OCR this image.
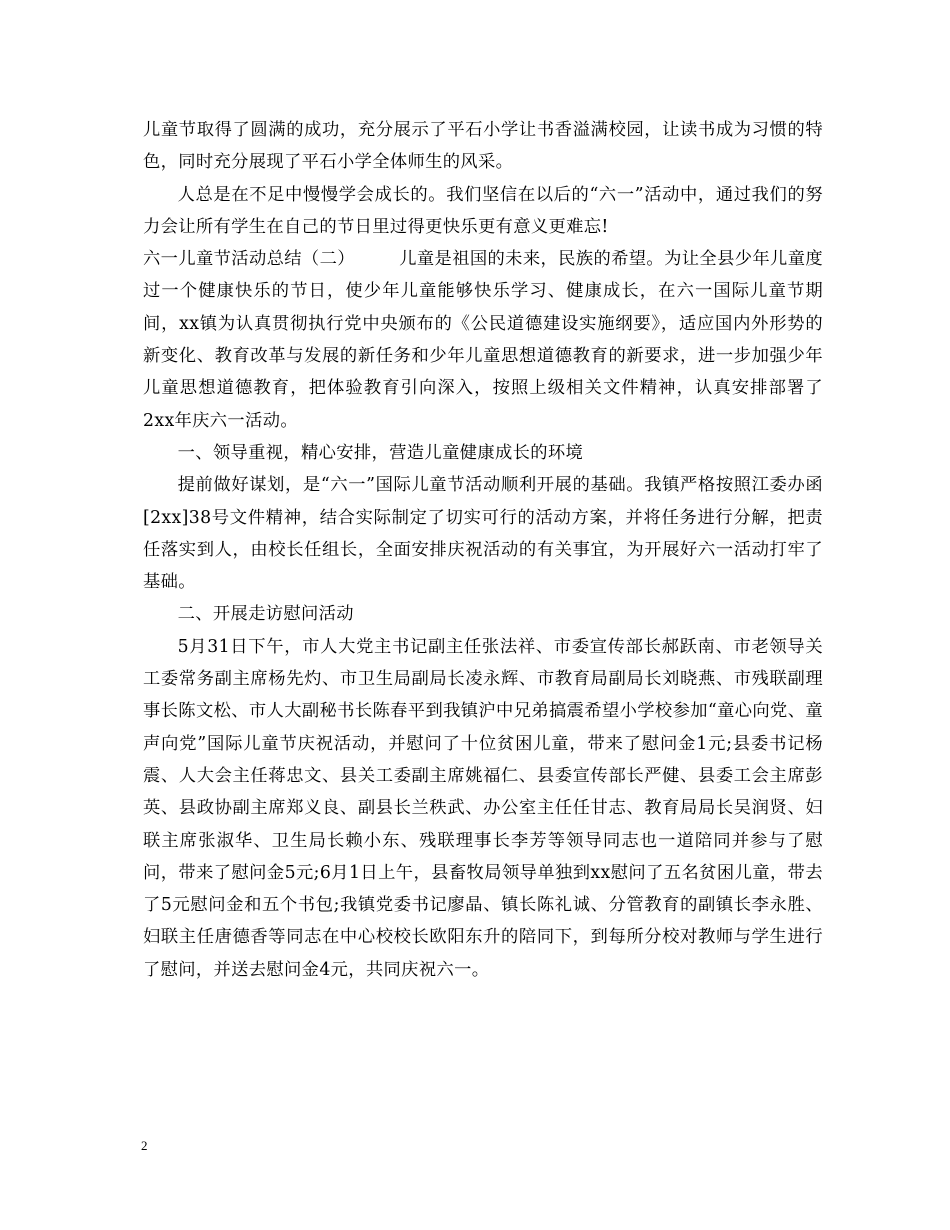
儿童节取得了圆满的成功，充分展示了平石小学让书香溢满校园，让读书成为习惯的特色，同时充分展现了平石小学全体师生的风采。

人总是在不足中慢慢学会成长的。我们坚信在以后的“六一”活动中，通过我们的努力会让所有学生在自己的节日里过得更快乐更有意义更难忘!

六一儿童节活动总结（二）　　　儿童是祖国的未来，民族的希望。为让全县少年儿童度过一个健康快乐的节日，使少年儿童能够快乐学习、健康成长，在六一国际儿童节期间，xx镇为认真贯彻执行党中央颁布的《公民道德建设实施纲要》，适应国内外形势的新变化、教育改革与发展的新任务和少年儿童思想道德教育的新要求，进一步加强少年儿童思想道德教育，把体验教育引向深入，按照上级相关文件精神，认真安排部署了2xx年庆六一活动。

一、领导重视，精心安排，营造儿童健康成长的环境

提前做好谋划，是“六一”国际儿童节活动顺利开展的基础。我镇严格按照江委办函[2xx]38号文件精神，结合实际制定了切实可行的活动方案，并将任务进行分解，把责任落实到人，由校长任组长，全面安排庆祝活动的有关事宜，为开展好六一活动打牢了基础。

二、开展走访慰问活动

5月31日下午，市人大党主书记副主任张法祥、市委宣传部长郝跃南、市老领导关工委常务副主席杨先灼、市卫生局副局长凌永辉、市教育局副局长刘晓燕、市残联副理事长陈文松、市人大副秘书长陈春平到我镇沪中兄弟搞震希望小学校参加“童心向党、童声向党”国际儿童节庆祝活动，并慰问了十位贫困儿童，带来了慰问金1元;县委书记杨震、人大会主任蒋忠文、县关工委副主席姚福仁、县委宣传部长严健、县委工会主席彭英、县政协副主席郑义良、副县长兰秩武、办公室主任任甘志、教育局局长吴润贤、妇联主席张淑华、卫生局长赖小东、残联理事长李芳等领导同志也一道陪同并参与了慰问，带来了慰问金5元;6月1日上午，县畜牧局领导单独到xx慰问了五名贫困儿童，带去了5元慰问金和五个书包;我镇党委书记廖晶、镇长陈礼诚、分管教育的副镇长李永胜、妇联主任唐德香等同志在中心校校长欧阳东升的陪同下，到每所分校对教师与学生进行了慰问，并送去慰问金4元，共同庆祝六一。

2
